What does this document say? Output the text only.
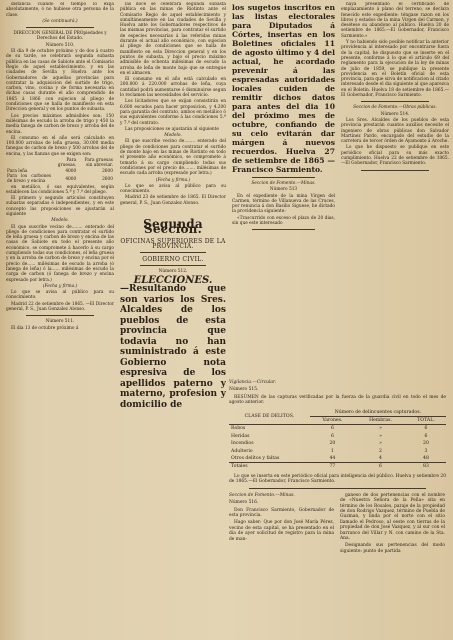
distancia cuando el tiempo lo exija absolutamente, ó no hubiese otra persona de la clase.

(Se continuará.)

DIRECCION GENERAL DE PROpiedades y Derechos del Estado.

Número 510.

El dia 9 de octubre próximo y de dos á cuatro de su tarde, se celebrará segunda subasta pública en las casas de Sabiote ante el Comisario Regio de aquel establecimiento, y en las ciudades de Sevilla y Huelva ante los Gobernadores de aquellas provincias para contratar la adquisicion del surtido de trigo, carbon, vino, cocina y de forma necesaria en dichas casas durante el año comprendido de 1865 á 1866 con sujecion al pliego de condiciones que se halla de manifiesto en esta Direccion general y en los puntos de subasta.

Los precios máximos admisibles son: 150 milésimas de escudo la arroba de trigo y 450 la media fanega de carbon de brezo y arroba del de encina.

El consumo en el año será calculado en 100.000 arrobas de leña gruesa, 30.000 media fanegas de carbon de brezo y 500 arrobas del de encina, y las fianzas que se exigen son:

	Para gruesas.	Para gruesas sin abreviar.
Para leña	4000	2600
Para los carbones de brezo y encina	4000	2600

en metálico, ó sus equivalentes, según establecen las condiciones 5.ª y 7.ª del pliego.

El primero y segundo artículos constituyen subastas separadas é independientes, y en este concepto las proposiciones se ajustarán al siguiente

Modelo.

El que suscribe vecino de........ enterado del pliego de condiciones para contratar el surtido de leña gruesa y carbon de brezo y encina de las casas de Sabiote en todo el presente año económico, se compromete á hacerlo á su cargo cumpliendo todas sus condiciones, el leña gruesa y en la arroba de carbon de brezo y encina por el precio de...... milésimas de escudo la arroba (ó fanega de leña) ó la...... milésimas de escudo la carga de carbon (ó fanega de brezo y encina expresado por letra.)

(Fecha y firma.)

Lo que se avisa al público para su conocimiento.

Madrid 22 de setiembre de 1865. —El Director general, P. S., Juan Gonzalez Alonso.

Número 511.

El dia 13 de octubre próximo á

las doce se celebrará segunda subasta pública en las minas de Riotinto ante el Comisario Regio de aquel establecimiento y simultáneamente en las ciudades de Sevilla y Huelva ante los Gobernadores respectivos de las mismas provincias, para contratar el surtido de especies necesarias á las referidas minas durante el actual año económico, con sujecion al pliego de condiciones que se halla de manifiesto en esta Direccion general y en los puntos de subasta, y bajo el precio máximo admisible de ochenta milésimas de escudo la arroba de leña de monte bajo que se entregue en el almacen.

El consumo en el año está calculado en 200.000 á 220.000 arrobas de leña, cuya cantidad podrá aumentarse ó disminuirse segun lo reclamen las necesidades del servicio.

Los licitadores que se exijan consistirán en 6.600 escudos para hacer proposicion, y 4.200 para garantía del contrato, ambos en metálico ó sus equivalentes conforme á las condiciones 5.ª y 7.ª del contrato.

Las proposiciones se ajustarán al siguiente

Modelo.

El que suscribe vecino de........ enterado del pliego de condiciones para contratar el surtido de monte bajo en las minas de Riotinto en todo el presente año económico, se compromete á tomarlo á su cargo cumpliendo todas sus condiciones por el precio de........ milésimas de escudo cada arroba (expresado por letra.)

(Fecha y firma.)

Lo que se avisa al público para su conocimiento.

Madrid 23 de setiembre de 1865. El Director general, P. S., Juan Gonzalez Alonso.

Segunda Seccion.
OFICINAS SUPERIORES DE LA PROVINCIA.
GOBIERNO CIVIL.

Número 512.

ELECCIONES.
—Resultando que son varios los Sres. Alcaldes de los pueblos de esta provincia que todavia no han suministrado á este Gobierno nota espresiva de los apellidos paterno y materno, profesion y domicilio de
los sugetos inscritos en las listas electorales para Diputados á Córtes, insertas en los Boletines oficiales 11 de agosto último y 4 del actual, he acordado prevenir á las espresadas autoridades locales cuiden de remitir dichos datos para antes del dia 10 del próximo mes de octubre, confiando de su celo evitarán dar márgen á nuevos recuerdos. Huelva 27 de setiembre de 1865 —Francisco Sarmiento.

Seccion de Fomento.—Minas.

Número 513

En el expediente de la mina Virgen del Carmen, término de Villanueva de las Cruces, por renuncia á don Basilio Siguese, he dictado la providencia siguiente:

«Trascurrido con exceso el plazo de 20 dias, sin que este interesado

haya presentado el certificado de emplazamiento á plano del terreno, se declara fenecido este expediente: téngase razon en los libros y estados de la mina Virgen del Carmen, y desétese su abandono al público. Huelva 20 de setiembre de 1865.—El Gobernador, Francisco Sarmiento.»

Y no habiendo sido posible notificar la anterior providencia al interesado por encontrarse fuera de la capital, he dispuesto que se inserte en el presente, conforme á lo que el artículo 69 del reglamento para la ejecucion de la ley de minas de julio de 1859, se publique la presente providencia en el Boletín oficial de esta provincia, para que sirva de notificacion al citado interesado desde el dia siguiente al que aparezca en el Boletín. Huelva 18 de setiembre de 1865.—El Gobernador, Francisco Sarmiento.

Seccion de Fomento.—Obras públicas.

Número 514.

Los Sres. Alcaldes de los pueblos de esta provincia prestarán cuantos auxilios necesite el ingeniero de obras públicas don Salvador Martínez Pardo, encargado del estudio de la carretera de tercer órden de Ayamonte á Aroche.

Lo que he dispuesto se publique en este periódico oficial para su más exacto cumplimiento. Huelva 22 de setiembre de 1865.—El Gobernador, Francisco Sarmiento.

Vigilancia.—Circular.

Número 515.

RESÚMEN de las capturas verificadas por la fuerza de la guardia civil en todo el mes de agosto anterior.

CLASE DE DELITOS.	Número de delincuentes capturados.		
	Varones.	Hembras.	TOTAL.
Robos	6	»	6
Heridas	6	»	6
Incendios	20	»	20
Adulterio	1	2	3
Otros delitos y faltas	44	4	48
Totales	77	6	83

Lo que se inserta en este periódico oficial para inteligencia del público. Huelva y setiembre 20 de 1865.—El Gobernador, Francisco Sarmiento.

Seccion de Fomento.—Minas.

Número 516.

Don Francisco Sarmiento, Gobernador de esta provincia.

Hago saber: Que por don José María Pérez, vecino de esta capital, se ha presentado en el dia de ayer solicitud de registro para la mina de man-

ganeso de dos pertenencias con el nombre de «Nuestra Señora de la Peña» sita en término de los Rosales, paraje de la propiedad de don Rodrigo Vazquez, término de Puebla de Guzman, y linda por el norte con el sitio llamado el Pedroso, al oeste con tierras de la propiedad de don José Vazquez, y al sur con el barranco del Villar y N. con camino de la Sta. Ana.

Designando sus pertenencias del modo siguiente: punto de partida
